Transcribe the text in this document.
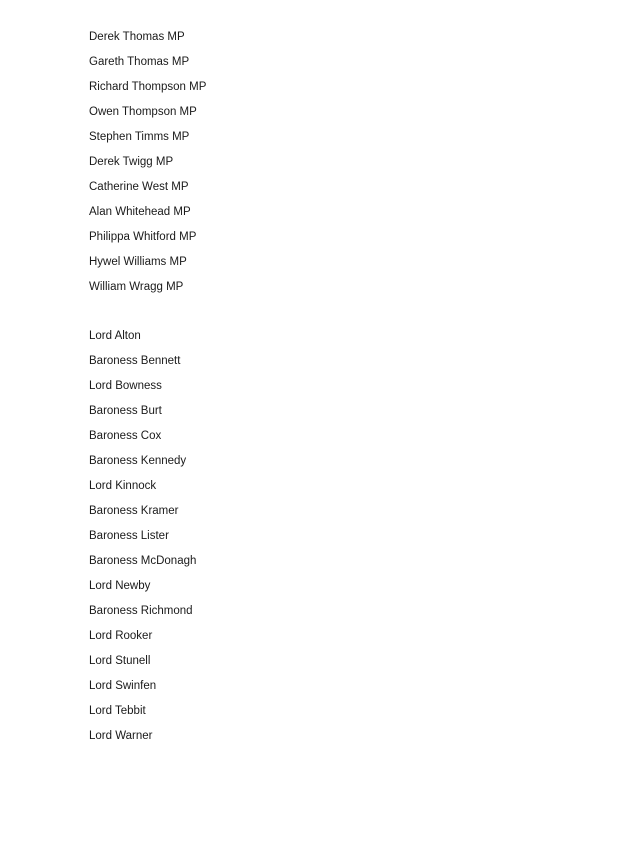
Derek Thomas MP
Gareth Thomas MP
Richard Thompson MP
Owen Thompson MP
Stephen Timms MP
Derek Twigg MP
Catherine West MP
Alan Whitehead MP
Philippa Whitford MP
Hywel Williams MP
William Wragg MP
Lord Alton
Baroness Bennett
Lord Bowness
Baroness Burt
Baroness Cox
Baroness Kennedy
Lord Kinnock
Baroness Kramer
Baroness Lister
Baroness McDonagh
Lord Newby
Baroness Richmond
Lord Rooker
Lord Stunell
Lord Swinfen
Lord Tebbit
Lord Warner
